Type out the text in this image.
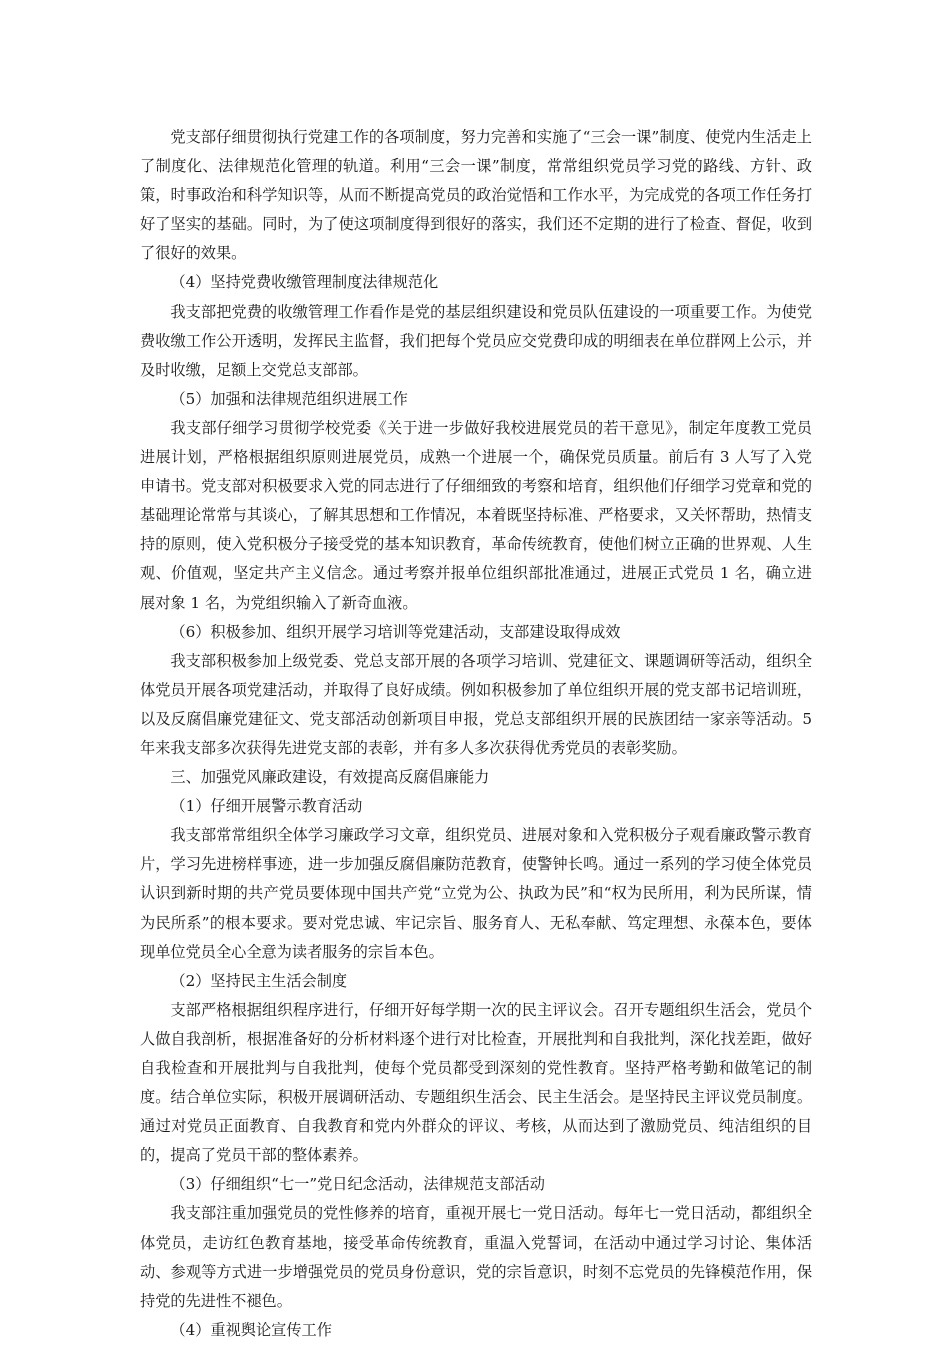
党支部仔细贯彻执行党建工作的各项制度，努力完善和实施了“三会一课”制度、使党内生活走上了制度化、法律规范化管理的轨道。利用“三会一课”制度，常常组织党员学习党的路线、方针、政策，时事政治和科学知识等，从而不断提高党员的政治觉悟和工作水平，为完成党的各项工作任务打好了坚实的基础。同时，为了使这项制度得到很好的落实，我们还不定期的进行了检查、督促，收到了很好的效果。

（4）坚持党费收缴管理制度法律规范化

我支部把党费的收缴管理工作看作是党的基层组织建设和党员队伍建设的一项重要工作。为使党费收缴工作公开透明，发挥民主监督，我们把每个党员应交党费印成的明细表在单位群网上公示，并及时收缴，足额上交党总支部部。

（5）加强和法律规范组织进展工作

我支部仔细学习贯彻学校党委《关于进一步做好我校进展党员的若干意见》，制定年度教工党员进展计划，严格根据组织原则进展党员，成熟一个进展一个，确保党员质量。前后有 3 人写了入党申请书。党支部对积极要求入党的同志进行了仔细细致的考察和培育，组织他们仔细学习党章和党的基础理论常常与其谈心，了解其思想和工作情况，本着既坚持标准、严格要求，又关怀帮助，热情支持的原则，使入党积极分子接受党的基本知识教育，革命传统教育，使他们树立正确的世界观、人生观、价值观，坚定共产主义信念。通过考察并报单位组织部批准通过，进展正式党员 1 名，确立进展对象 1 名，为党组织输入了新奇血液。

（6）积极参加、组织开展学习培训等党建活动，支部建设取得成效

我支部积极参加上级党委、党总支部开展的各项学习培训、党建征文、课题调研等活动，组织全体党员开展各项党建活动，并取得了良好成绩。例如积极参加了单位组织开展的党支部书记培训班，以及反腐倡廉党建征文、党支部活动创新项目申报，党总支部组织开展的民族团结一家亲等活动。5 年来我支部多次获得先进党支部的表彰，并有多人多次获得优秀党员的表彰奖励。

三、加强党风廉政建设，有效提高反腐倡廉能力

（1）仔细开展警示教育活动

我支部常常组织全体学习廉政学习文章，组织党员、进展对象和入党积极分子观看廉政警示教育片，学习先进榜样事迹，进一步加强反腐倡廉防范教育，使警钟长鸣。通过一系列的学习使全体党员认识到新时期的共产党员要体现中国共产党“立党为公、执政为民”和“权为民所用，利为民所谋，情为民所系”的根本要求。要对党忠诚、牢记宗旨、服务育人、无私奉献、笃定理想、永葆本色，要体现单位党员全心全意为读者服务的宗旨本色。

（2）坚持民主生活会制度

支部严格根据组织程序进行，仔细开好每学期一次的民主评议会。召开专题组织生活会，党员个人做自我剖析，根据准备好的分析材料逐个进行对比检查，开展批判和自我批判，深化找差距，做好自我检查和开展批判与自我批判，使每个党员都受到深刻的党性教育。坚持严格考勤和做笔记的制度。结合单位实际，积极开展调研活动、专题组织生活会、民主生活会。是坚持民主评议党员制度。通过对党员正面教育、自我教育和党内外群众的评议、考核，从而达到了激励党员、纯洁组织的目的，提高了党员干部的整体素养。

（3）仔细组织“七一”党日纪念活动，法律规范支部活动

我支部注重加强党员的党性修养的培育，重视开展七一党日活动。每年七一党日活动，都组织全体党员，走访红色教育基地，接受革命传统教育，重温入党誓词，在活动中通过学习讨论、集体活动、参观等方式进一步增强党员的党员身份意识，党的宗旨意识，时刻不忘党员的先锋模范作用，保持党的先进性不褪色。

（4）重视舆论宣传工作
